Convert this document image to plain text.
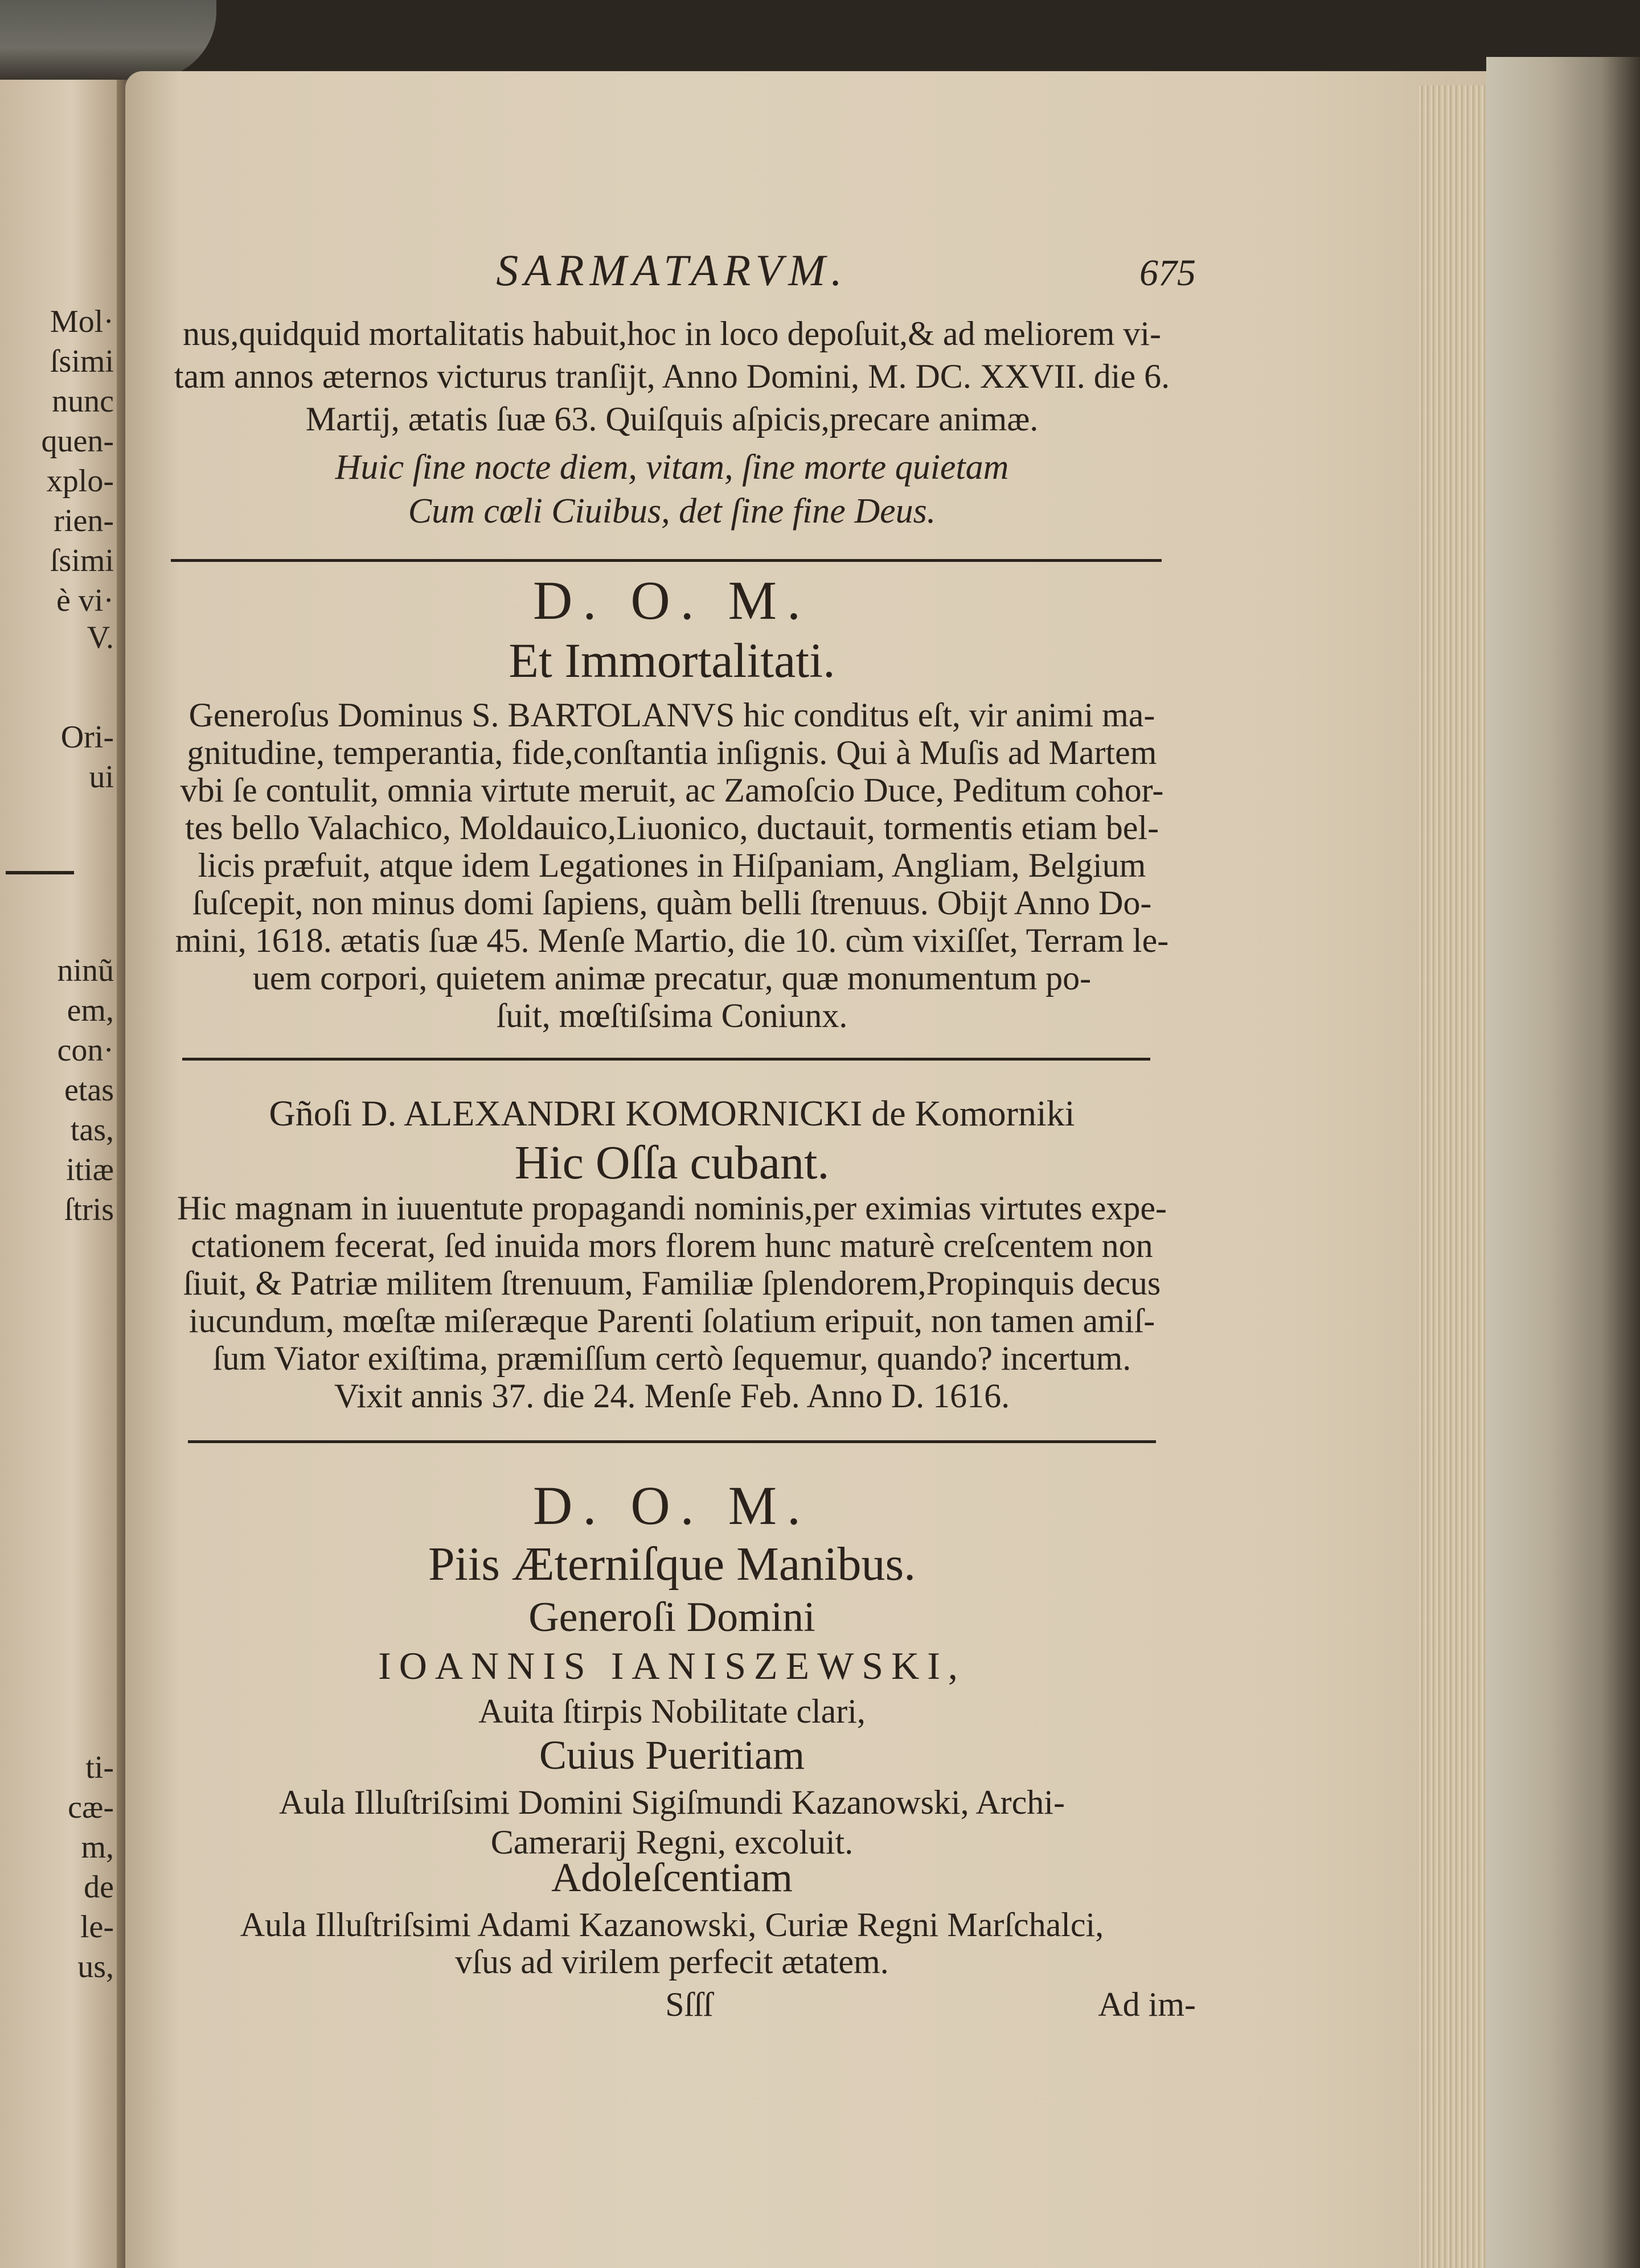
Mol·
ſsimi
nunc
quen-
xplo-
rien-
ſsimi
è vi·
V.
Ori-
ui
ninũ
em,
con·
etas
tas,
itiæ
ſtris
ti-
cæ-
m,
de
le-
us,
SARMATARVM.	675
nus,quidquid mortalitatis habuit,hoc in loco depoſuit,& ad meliorem vi-
tam annos æternos victurus tranſijt, Anno Domini, M. DC. XXVII. die 6.
Martij, ætatis ſuæ 63. Quiſquis aſpicis,precare animæ.
Huic ſine nocte diem, vitam, ſine morte quietam
Cum cœli Ciuibus, det ſine fine Deus.
D. O. M.
Et Immortalitati.
Generoſus Dominus S. BARTOLANVS hic conditus eſt, vir animi ma-
gnitudine, temperantia, fide,conſtantia inſignis. Qui à Muſis ad Martem
vbi ſe contulit, omnia virtute meruit, ac Zamoſcio Duce, Peditum cohor-
tes bello Valachico, Moldauico,Liuonico, ductauit, tormentis etiam bel-
licis præfuit, atque idem Legationes in Hiſpaniam, Angliam, Belgium
ſuſcepit, non minus domi ſapiens, quàm belli ſtrenuus. Obijt Anno Do-
mini, 1618. ætatis ſuæ 45. Menſe Martio, die 10. cùm vixiſſet, Terram le-
uem corpori, quietem animæ precatur, quæ monumentum po-
ſuit, mœſtiſsima Coniunx.
Gñoſi D. ALEXANDRI KOMORNICKI de Komorniki
Hic Oſſa cubant.
Hic magnam in iuuentute propagandi nominis,per eximias virtutes expe-
ctationem fecerat, ſed inuida mors florem hunc maturè creſcentem non
ſiuit, & Patriæ militem ſtrenuum, Familiæ ſplendorem,Propinquis decus
iucundum, mœſtæ miſeræque Parenti ſolatium eripuit, non tamen amiſ-
ſum Viator exiſtima, præmiſſum certò ſequemur, quando? incertum.
Vixit annis 37. die 24. Menſe Feb. Anno D. 1616.
D. O. M.
Piis Æterniſque Manibus.
Generoſi Domini
IOANNIS IANISZEWSKI,
Auita ſtirpis Nobilitate clari,
Cuius Pueritiam
Aula Illuſtriſsimi Domini Sigiſmundi Kazanowski, Archi-
Camerarij Regni, excoluit.
Adoleſcentiam
Aula Illuſtriſsimi Adami Kazanowski, Curiæ Regni Marſchalci,
vſus ad virilem perfecit ætatem.
Sſſſ	Ad im-
